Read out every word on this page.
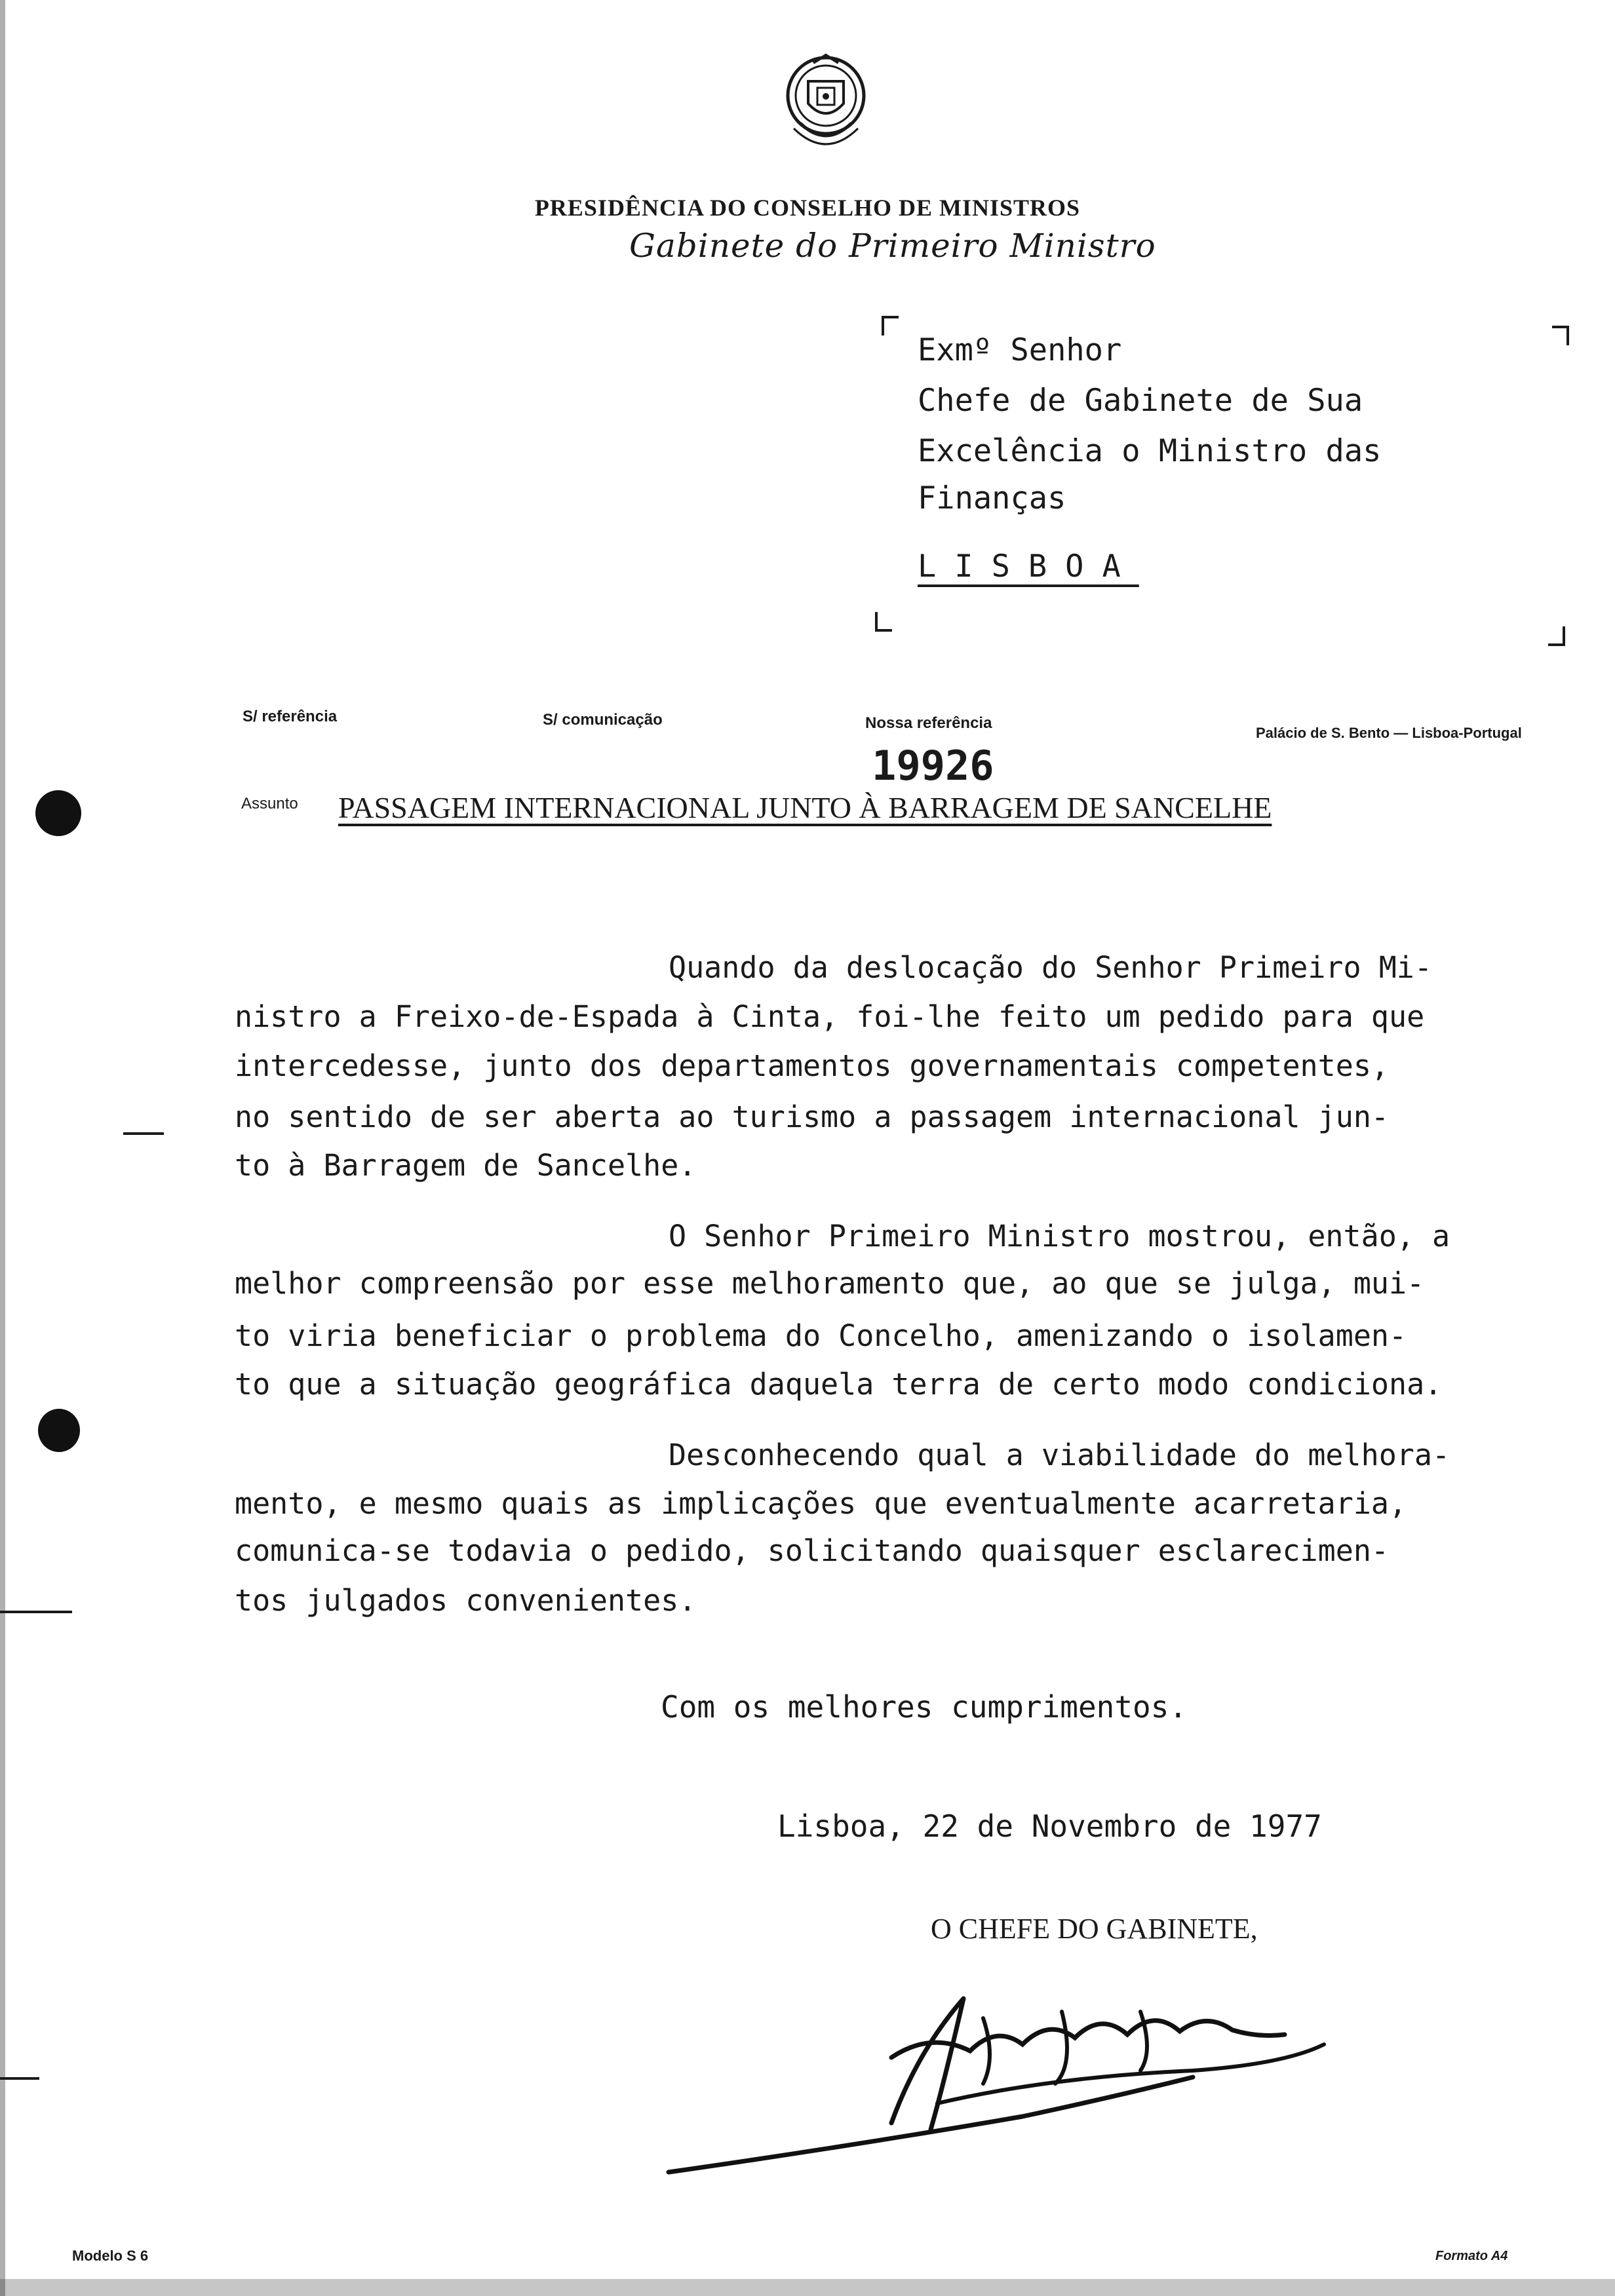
PRESIDÊNCIA DO CONSELHO DE MINISTROS
Gabinete do Primeiro Ministro
Exmº Senhor
Chefe de Gabinete de Sua
Excelência o Ministro das
Finanças
LISBOA
S/ referência	S/ comunicação	Nossa referência
Palácio de S. Bento — Lisboa-Portugal
19926
Assunto PASSAGEM INTERNACIONAL JUNTO À BARRAGEM DE SANCELHE
Quando da deslocação do Senhor Primeiro Mi-
nistro a Freixo-de-Espada à Cinta, foi-lhe feito um pedido para que
intercedesse, junto dos departamentos governamentais competentes,
no sentido de ser aberta ao turismo a passagem internacional jun-
to à Barragem de Sancelhe.
O Senhor Primeiro Ministro mostrou, então, a
melhor compreensão por esse melhoramento que, ao que se julga, mui-
to viria beneficiar o problema do Concelho, amenizando o isolamen-
to que a situação geográfica daquela terra de certo modo condiciona.
Desconhecendo qual a viabilidade do melhora-
mento, e mesmo quais as implicações que eventualmente acarretaria,
comunica-se todavia o pedido, solicitando quaisquer esclarecimen-
tos julgados convenientes.
Com os melhores cumprimentos.
Lisboa, 22 de Novembro de 1977
O CHEFE DO GABINETE,
Modelo S 6	Formato A4
